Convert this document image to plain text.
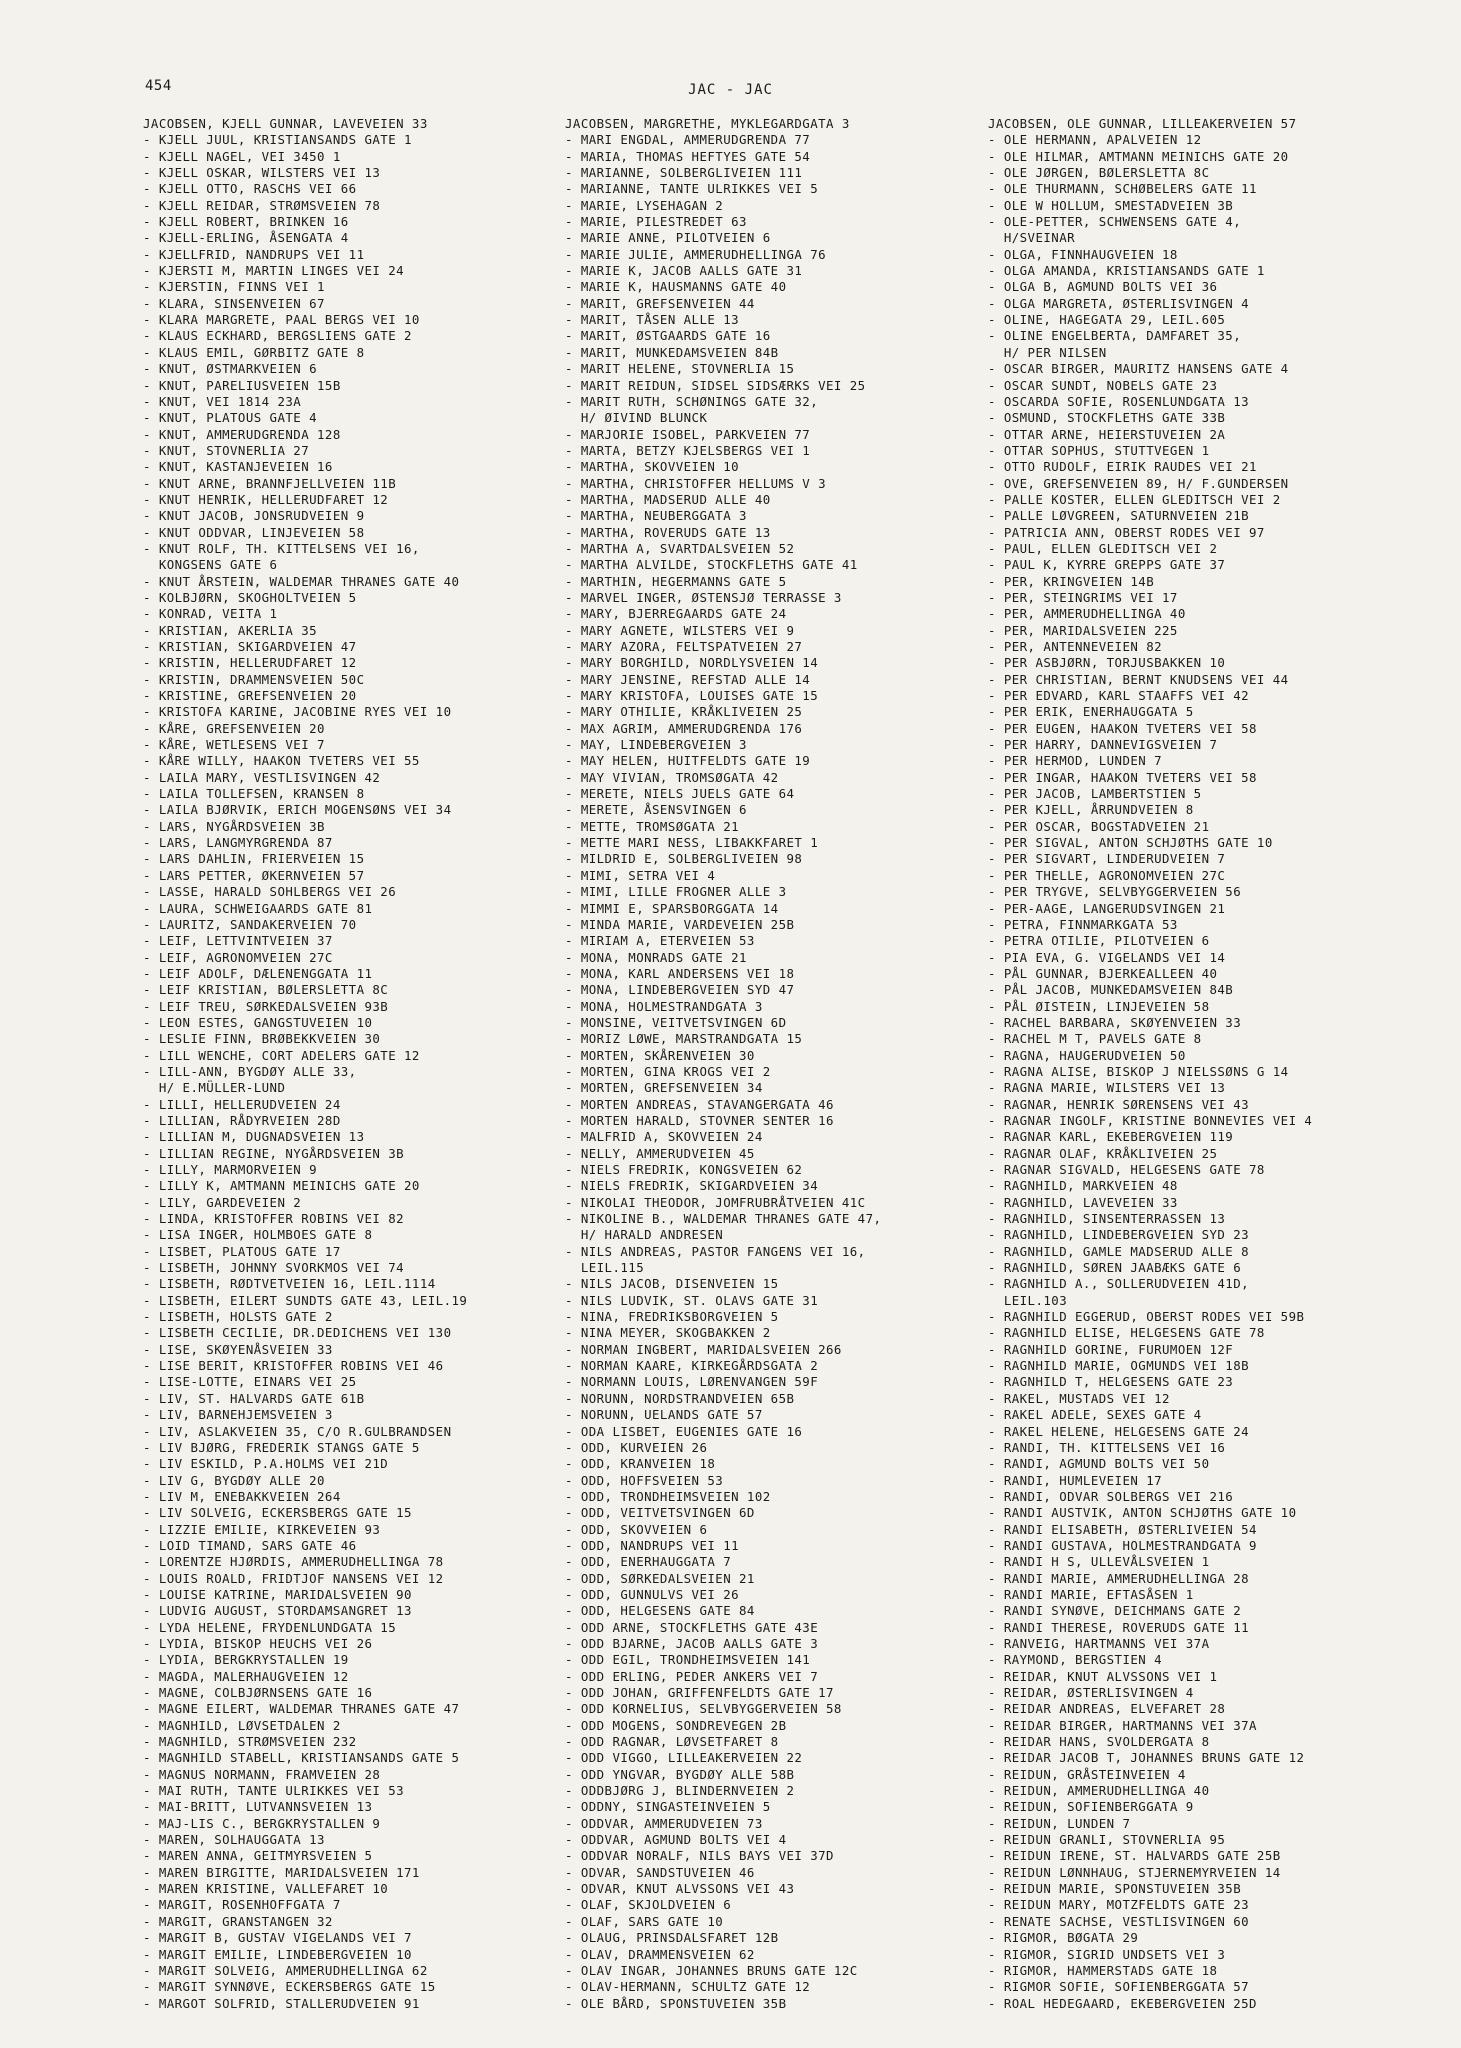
454	JAC - JAC
JACOBSEN, KJELL GUNNAR, LAVEVEIEN 33
- KJELL JUUL, KRISTIANSANDS GATE 1
- KJELL NAGEL, VEI 3450 1
- KJELL OSKAR, WILSTERS VEI 13
- KJELL OTTO, RASCHS VEI 66
- KJELL REIDAR, STRØMSVEIEN 78
- KJELL ROBERT, BRINKEN 16
- KJELL-ERLING, ÅSENGATA 4
- KJELLFRID, NANDRUPS VEI 11
- KJERSTI M, MARTIN LINGES VEI 24
- KJERSTIN, FINNS VEI 1
- KLARA, SINSENVEIEN 67
- KLARA MARGRETE, PAAL BERGS VEI 10
- KLAUS ECKHARD, BERGSLIENS GATE 2
- KLAUS EMIL, GØRBITZ GATE 8
- KNUT, ØSTMARKVEIEN 6
- KNUT, PARELIUSVEIEN 15B
- KNUT, VEI 1814 23A
- KNUT, PLATOUS GATE 4
- KNUT, AMMERUDGRENDA 128
- KNUT, STOVNERLIA 27
- KNUT, KASTANJEVEIEN 16
- KNUT ARNE, BRANNFJELLVEIEN 11B
- KNUT HENRIK, HELLERUDFARET 12
- KNUT JACOB, JONSRUDVEIEN 9
- KNUT ODDVAR, LINJEVEIEN 58
- KNUT ROLF, TH. KITTELSENS VEI 16,
KONGSENS GATE 6
- KNUT ÅRSTEIN, WALDEMAR THRANES GATE 40
- KOLBJØRN, SKOGHOLTVEIEN 5
- KONRAD, VEITA 1
- KRISTIAN, AKERLIA 35
- KRISTIAN, SKIGARDVEIEN 47
- KRISTIN, HELLERUDFARET 12
- KRISTIN, DRAMMENSVEIEN 50C
- KRISTINE, GREFSENVEIEN 20
- KRISTOFA KARINE, JACOBINE RYES VEI 10
- KÅRE, GREFSENVEIEN 20
- KÅRE, WETLESENS VEI 7
- KÅRE WILLY, HAAKON TVETERS VEI 55
- LAILA MARY, VESTLISVINGEN 42
- LAILA TOLLEFSEN, KRANSEN 8
- LAILA BJØRVIK, ERICH MOGENSØNS VEI 34
- LARS, NYGÅRDSVEIEN 3B
- LARS, LANGMYRGRENDA 87
- LARS DAHLIN, FRIERVEIEN 15
- LARS PETTER, ØKERNVEIEN 57
- LASSE, HARALD SOHLBERGS VEI 26
- LAURA, SCHWEIGAARDS GATE 81
- LAURITZ, SANDAKERVEIEN 70
- LEIF, LETTVINTVEIEN 37
- LEIF, AGRONOMVEIEN 27C
- LEIF ADOLF, DÆLENENGGATA 11
- LEIF KRISTIAN, BØLERSLETTA 8C
- LEIF TREU, SØRKEDALSVEIEN 93B
- LEON ESTES, GANGSTUVEIEN 10
- LESLIE FINN, BRØBEKKVEIEN 30
- LILL WENCHE, CORT ADELERS GATE 12
- LILL-ANN, BYGDØY ALLE 33,
H/ E.MÜLLER-LUND
- LILLI, HELLERUDVEIEN 24
- LILLIAN, RÅDYRVEIEN 28D
- LILLIAN M, DUGNADSVEIEN 13
- LILLIAN REGINE, NYGÅRDSVEIEN 3B
- LILLY, MARMORVEIEN 9
- LILLY K, AMTMANN MEINICHS GATE 20
- LILY, GARDEVEIEN 2
- LINDA, KRISTOFFER ROBINS VEI 82
- LISA INGER, HOLMBOES GATE 8
- LISBET, PLATOUS GATE 17
- LISBETH, JOHNNY SVORKMOS VEI 74
- LISBETH, RØDTVETVEIEN 16, LEIL.1114
- LISBETH, EILERT SUNDTS GATE 43, LEIL.19
- LISBETH, HOLSTS GATE 2
- LISBETH CECILIE, DR.DEDICHENS VEI 130
- LISE, SKØYENÅSVEIEN 33
- LISE BERIT, KRISTOFFER ROBINS VEI 46
- LISE-LOTTE, EINARS VEI 25
- LIV, ST. HALVARDS GATE 61B
- LIV, BARNEHJEMSVEIEN 3
- LIV, ASLAKVEIEN 35, C/O R.GULBRANDSEN
- LIV BJØRG, FREDERIK STANGS GATE 5
- LIV ESKILD, P.A.HOLMS VEI 21D
- LIV G, BYGDØY ALLE 20
- LIV M, ENEBAKKVEIEN 264
- LIV SOLVEIG, ECKERSBERGS GATE 15
- LIZZIE EMILIE, KIRKEVEIEN 93
- LOID TIMAND, SARS GATE 46
- LORENTZE HJØRDIS, AMMERUDHELLINGA 78
- LOUIS ROALD, FRIDTJOF NANSENS VEI 12
- LOUISE KATRINE, MARIDALSVEIEN 90
- LUDVIG AUGUST, STORDAMSANGRET 13
- LYDA HELENE, FRYDENLUNDGATA 15
- LYDIA, BISKOP HEUCHS VEI 26
- LYDIA, BERGKRYSTALLEN 19
- MAGDA, MALERHAUGVEIEN 12
- MAGNE, COLBJØRNSENS GATE 16
- MAGNE EILERT, WALDEMAR THRANES GATE 47
- MAGNHILD, LØVSETDALEN 2
- MAGNHILD, STRØMSVEIEN 232
- MAGNHILD STABELL, KRISTIANSANDS GATE 5
- MAGNUS NORMANN, FRAMVEIEN 28
- MAI RUTH, TANTE ULRIKKES VEI 53
- MAI-BRITT, LUTVANNSVEIEN 13
- MAJ-LIS C., BERGKRYSTALLEN 9
- MAREN, SOLHAUGGATA 13
- MAREN ANNA, GEITMYRSVEIEN 5
- MAREN BIRGITTE, MARIDALSVEIEN 171
- MAREN KRISTINE, VALLEFARET 10
- MARGIT, ROSENHOFFGATA 7
- MARGIT, GRANSTANGEN 32
- MARGIT B, GUSTAV VIGELANDS VEI 7
- MARGIT EMILIE, LINDEBERGVEIEN 10
- MARGIT SOLVEIG, AMMERUDHELLINGA 62
- MARGIT SYNNØVE, ECKERSBERGS GATE 15
- MARGOT SOLFRID, STALLERUDVEIEN 91
JACOBSEN, MARGRETHE, MYKLEGARDGATA 3
- MARI ENGDAL, AMMERUDGRENDA 77
- MARIA, THOMAS HEFTYES GATE 54
- MARIANNE, SOLBERGLIVEIEN 111
- MARIANNE, TANTE ULRIKKES VEI 5
- MARIE, LYSEHAGAN 2
- MARIE, PILESTREDET 63
- MARIE ANNE, PILOTVEIEN 6
- MARIE JULIE, AMMERUDHELLINGA 76
- MARIE K, JACOB AALLS GATE 31
- MARIE K, HAUSMANNS GATE 40
- MARIT, GREFSENVEIEN 44
- MARIT, TÅSEN ALLE 13
- MARIT, ØSTGAARDS GATE 16
- MARIT, MUNKEDAMSVEIEN 84B
- MARIT HELENE, STOVNERLIA 15
- MARIT REIDUN, SIDSEL SIDSÆRKS VEI 25
- MARIT RUTH, SCHØNINGS GATE 32,
H/ ØIVIND BLUNCK
- MARJORIE ISOBEL, PARKVEIEN 77
- MARTA, BETZY KJELSBERGS VEI 1
- MARTHA, SKOVVEIEN 10
- MARTHA, CHRISTOFFER HELLUMS V 3
- MARTHA, MADSERUD ALLE 40
- MARTHA, NEUBERGGATA 3
- MARTHA, ROVERUDS GATE 13
- MARTHA A, SVARTDALSVEIEN 52
- MARTHA ALVILDE, STOCKFLETHS GATE 41
- MARTHIN, HEGERMANNS GATE 5
- MARVEL INGER, ØSTENSJØ TERRASSE 3
- MARY, BJERREGAARDS GATE 24
- MARY AGNETE, WILSTERS VEI 9
- MARY AZORA, FELTSPATVEIEN 27
- MARY BORGHILD, NORDLYSVEIEN 14
- MARY JENSINE, REFSTAD ALLE 14
- MARY KRISTOFA, LOUISES GATE 15
- MARY OTHILIE, KRÅKLIVEIEN 25
- MAX AGRIM, AMMERUDGRENDA 176
- MAY, LINDEBERGVEIEN 3
- MAY HELEN, HUITFELDTS GATE 19
- MAY VIVIAN, TROMSØGATA 42
- MERETE, NIELS JUELS GATE 64
- MERETE, ÅSENSVINGEN 6
- METTE, TROMSØGATA 21
- METTE MARI NESS, LIBAKKFARET 1
- MILDRID E, SOLBERGLIVEIEN 98
- MIMI, SETRA VEI 4
- MIMI, LILLE FROGNER ALLE 3
- MIMMI E, SPARSBORGGATA 14
- MINDA MARIE, VARDEVEIEN 25B
- MIRIAM A, ETERVEIEN 53
- MONA, MONRADS GATE 21
- MONA, KARL ANDERSENS VEI 18
- MONA, LINDEBERGVEIEN SYD 47
- MONA, HOLMESTRANDGATA 3
- MONSINE, VEITVETSVINGEN 6D
- MORIZ LØWE, MARSTRANDGATA 15
- MORTEN, SKÅRENVEIEN 30
- MORTEN, GINA KROGS VEI 2
- MORTEN, GREFSENVEIEN 34
- MORTEN ANDREAS, STAVANGERGATA 46
- MORTEN HARALD, STOVNER SENTER 16
- MALFRID A, SKOVVEIEN 24
- NELLY, AMMERUDVEIEN 45
- NIELS FREDRIK, KONGSVEIEN 62
- NIELS FREDRIK, SKIGARDVEIEN 34
- NIKOLAI THEODOR, JOMFRUBRÅTVEIEN 41C
- NIKOLINE B., WALDEMAR THRANES GATE 47,
H/ HARALD ANDRESEN
- NILS ANDREAS, PASTOR FANGENS VEI 16,
LEIL.115
- NILS JACOB, DISENVEIEN 15
- NILS LUDVIK, ST. OLAVS GATE 31
- NINA, FREDRIKSBORGVEIEN 5
- NINA MEYER, SKOGBAKKEN 2
- NORMAN INGBERT, MARIDALSVEIEN 266
- NORMAN KAARE, KIRKEGÅRDSGATA 2
- NORMANN LOUIS, LØRENVANGEN 59F
- NORUNN, NORDSTRANDVEIEN 65B
- NORUNN, UELANDS GATE 57
- ODA LISBET, EUGENIES GATE 16
- ODD, KURVEIEN 26
- ODD, KRANVEIEN 18
- ODD, HOFFSVEIEN 53
- ODD, TRONDHEIMSVEIEN 102
- ODD, VEITVETSVINGEN 6D
- ODD, SKOVVEIEN 6
- ODD, NANDRUPS VEI 11
- ODD, ENERHAUGGATA 7
- ODD, SØRKEDALSVEIEN 21
- ODD, GUNNULVS VEI 26
- ODD, HELGESENS GATE 84
- ODD ARNE, STOCKFLETHS GATE 43E
- ODD BJARNE, JACOB AALLS GATE 3
- ODD EGIL, TRONDHEIMSVEIEN 141
- ODD ERLING, PEDER ANKERS VEI 7
- ODD JOHAN, GRIFFENFELDTS GATE 17
- ODD KORNELIUS, SELVBYGGERVEIEN 58
- ODD MOGENS, SONDREVEGEN 2B
- ODD RAGNAR, LØVSETFARET 8
- ODD VIGGO, LILLEAKERVEIEN 22
- ODD YNGVAR, BYGDØY ALLE 58B
- ODDBJØRG J, BLINDERNVEIEN 2
- ODDNY, SINGASTEINVEIEN 5
- ODDVAR, AMMERUDVEIEN 73
- ODDVAR, AGMUND BOLTS VEI 4
- ODDVAR NORALF, NILS BAYS VEI 37D
- ODVAR, SANDSTUVEIEN 46
- ODVAR, KNUT ALVSSONS VEI 43
- OLAF, SKJOLDVEIEN 6
- OLAF, SARS GATE 10
- OLAUG, PRINSDALSFARET 12B
- OLAV, DRAMMENSVEIEN 62
- OLAV INGAR, JOHANNES BRUNS GATE 12C
- OLAV-HERMANN, SCHULTZ GATE 12
- OLE BÅRD, SPONSTUVEIEN 35B
JACOBSEN, OLE GUNNAR, LILLEAKERVEIEN 57
- OLE HERMANN, APALVEIEN 12
- OLE HILMAR, AMTMANN MEINICHS GATE 20
- OLE JØRGEN, BØLERSLETTA 8C
- OLE THURMANN, SCHØBELERS GATE 11
- OLE W HOLLUM, SMESTADVEIEN 3B
- OLE-PETTER, SCHWENSENS GATE 4,
H/SVEINAR
- OLGA, FINNHAUGVEIEN 18
- OLGA AMANDA, KRISTIANSANDS GATE 1
- OLGA B, AGMUND BOLTS VEI 36
- OLGA MARGRETA, ØSTERLISVINGEN 4
- OLINE, HAGEGATA 29, LEIL.605
- OLINE ENGELBERTA, DAMFARET 35,
H/ PER NILSEN
- OSCAR BIRGER, MAURITZ HANSENS GATE 4
- OSCAR SUNDT, NOBELS GATE 23
- OSCARDA SOFIE, ROSENLUNDGATA 13
- OSMUND, STOCKFLETHS GATE 33B
- OTTAR ARNE, HEIERSTUVEIEN 2A
- OTTAR SOPHUS, STUTTVEGEN 1
- OTTO RUDOLF, EIRIK RAUDES VEI 21
- OVE, GREFSENVEIEN 89, H/ F.GUNDERSEN
- PALLE KOSTER, ELLEN GLEDITSCH VEI 2
- PALLE LØVGREEN, SATURNVEIEN 21B
- PATRICIA ANN, OBERST RODES VEI 97
- PAUL, ELLEN GLEDITSCH VEI 2
- PAUL K, KYRRE GREPPS GATE 37
- PER, KRINGVEIEN 14B
- PER, STEINGRIMS VEI 17
- PER, AMMERUDHELLINGA 40
- PER, MARIDALSVEIEN 225
- PER, ANTENNEVEIEN 82
- PER ASBJØRN, TORJUSBAKKEN 10
- PER CHRISTIAN, BERNT KNUDSENS VEI 44
- PER EDVARD, KARL STAAFFS VEI 42
- PER ERIK, ENERHAUGGATA 5
- PER EUGEN, HAAKON TVETERS VEI 58
- PER HARRY, DANNEVIGSVEIEN 7
- PER HERMOD, LUNDEN 7
- PER INGAR, HAAKON TVETERS VEI 58
- PER JACOB, LAMBERTSTIEN 5
- PER KJELL, ÅRRUNDVEIEN 8
- PER OSCAR, BOGSTADVEIEN 21
- PER SIGVAL, ANTON SCHJØTHS GATE 10
- PER SIGVART, LINDERUDVEIEN 7
- PER THELLE, AGRONOMVEIEN 27C
- PER TRYGVE, SELVBYGGERVEIEN 56
- PER-AAGE, LANGERUDSVINGEN 21
- PETRA, FINNMARKGATA 53
- PETRA OTILIE, PILOTVEIEN 6
- PIA EVA, G. VIGELANDS VEI 14
- PÅL GUNNAR, BJERKEALLEEN 40
- PÅL JACOB, MUNKEDAMSVEIEN 84B
- PÅL ØISTEIN, LINJEVEIEN 58
- RACHEL BARBARA, SKØYENVEIEN 33
- RACHEL M T, PAVELS GATE 8
- RAGNA, HAUGERUDVEIEN 50
- RAGNA ALISE, BISKOP J NIELSSØNS G 14
- RAGNA MARIE, WILSTERS VEI 13
- RAGNAR, HENRIK SØRENSENS VEI 43
- RAGNAR INGOLF, KRISTINE BONNEVIES VEI 4
- RAGNAR KARL, EKEBERGVEIEN 119
- RAGNAR OLAF, KRÅKLIVEIEN 25
- RAGNAR SIGVALD, HELGESENS GATE 78
- RAGNHILD, MARKVEIEN 48
- RAGNHILD, LAVEVEIEN 33
- RAGNHILD, SINSENTERRASSEN 13
- RAGNHILD, LINDEBERGVEIEN SYD 23
- RAGNHILD, GAMLE MADSERUD ALLE 8
- RAGNHILD, SØREN JAABÆKS GATE 6
- RAGNHILD A., SOLLERUDVEIEN 41D,
LEIL.103
- RAGNHILD EGGERUD, OBERST RODES VEI 59B
- RAGNHILD ELISE, HELGESENS GATE 78
- RAGNHILD GORINE, FURUMOEN 12F
- RAGNHILD MARIE, OGMUNDS VEI 18B
- RAGNHILD T, HELGESENS GATE 23
- RAKEL, MUSTADS VEI 12
- RAKEL ADELE, SEXES GATE 4
- RAKEL HELENE, HELGESENS GATE 24
- RANDI, TH. KITTELSENS VEI 16
- RANDI, AGMUND BOLTS VEI 50
- RANDI, HUMLEVEIEN 17
- RANDI, ODVAR SOLBERGS VEI 216
- RANDI AUSTVIK, ANTON SCHJØTHS GATE 10
- RANDI ELISABETH, ØSTERLIVEIEN 54
- RANDI GUSTAVA, HOLMESTRANDGATA 9
- RANDI H S, ULLEVÅLSVEIEN 1
- RANDI MARIE, AMMERUDHELLINGA 28
- RANDI MARIE, EFTASÅSEN 1
- RANDI SYNØVE, DEICHMANS GATE 2
- RANDI THERESE, ROVERUDS GATE 11
- RANVEIG, HARTMANNS VEI 37A
- RAYMOND, BERGSTIEN 4
- REIDAR, KNUT ALVSSONS VEI 1
- REIDAR, ØSTERLISVINGEN 4
- REIDAR ANDREAS, ELVEFARET 28
- REIDAR BIRGER, HARTMANNS VEI 37A
- REIDAR HANS, SVOLDERGATA 8
- REIDAR JACOB T, JOHANNES BRUNS GATE 12
- REIDUN, GRÅSTEINVEIEN 4
- REIDUN, AMMERUDHELLINGA 40
- REIDUN, SOFIENBERGGATA 9
- REIDUN, LUNDEN 7
- REIDUN GRANLI, STOVNERLIA 95
- REIDUN IRENE, ST. HALVARDS GATE 25B
- REIDUN LØNNHAUG, STJERNEMYRVEIEN 14
- REIDUN MARIE, SPONSTUVEIEN 35B
- REIDUN MARY, MOTZFELDTS GATE 23
- RENATE SACHSE, VESTLISVINGEN 60
- RIGMOR, BØGATA 29
- RIGMOR, SIGRID UNDSETS VEI 3
- RIGMOR, HAMMERSTADS GATE 18
- RIGMOR SOFIE, SOFIENBERGGATA 57
- ROAL HEDEGAARD, EKEBERGVEIEN 25D
